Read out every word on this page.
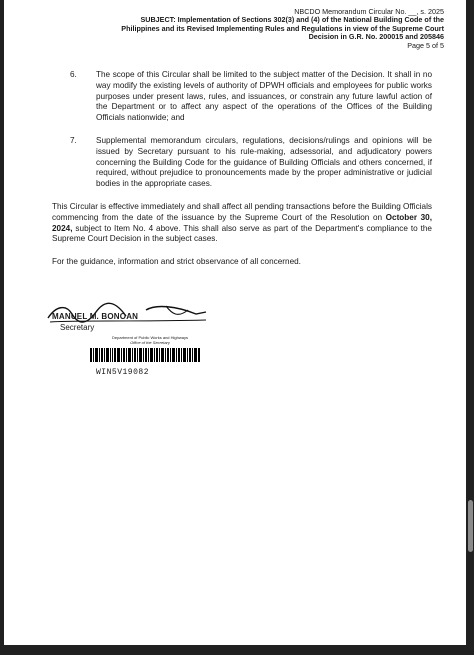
NBCDO Memorandum Circular No. __, s. 2025
SUBJECT: Implementation of Sections 302(3) and (4) of the National Building Code of the
Philippines and its Revised Implementing Rules and Regulations in view of the Supreme Court
Decision in G.R. No. 200015 and 205846
Page 5 of 5
6.	The scope of this Circular shall be limited to the subject matter of the Decision. It shall in no way modify the existing levels of authority of DPWH officials and employees for public works purposes under present laws, rules, and issuances, or constrain any future lawful action of the Department or to affect any aspect of the operations of the Offices of the Building Officials nationwide; and
7.	Supplemental memorandum circulars, regulations, decisions/rulings and opinions will be issued by Secretary pursuant to his rule-making, adsessorial, and adjudicatory powers concerning the Building Code for the guidance of Building Officials and others concerned, if required, without prejudice to pronouncements made by the proper administrative or judicial bodies in the appropriate cases.
This Circular is effective immediately and shall affect all pending transactions before the Building Officials commencing from the date of the issuance by the Supreme Court of the Resolution on October 30, 2024, subject to Item No. 4 above. This shall also serve as part of the Department's compliance to the Supreme Court Decision in the subject cases.
For the guidance, information and strict observance of all concerned.
MANUEL M. BONOAN
Secretary
Department of Public Works and Highways
Office of the Secretary
WIN5V19082
